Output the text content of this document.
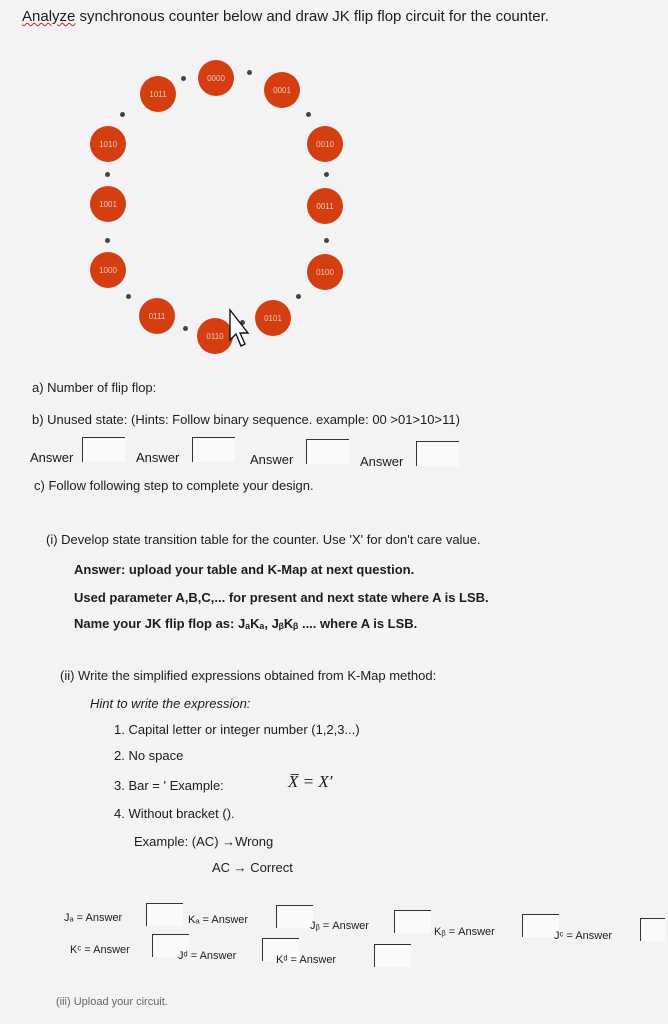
Analyze synchronous counter below and draw JK flip flop circuit for the counter.
0000
0001
0010
0011
0100
0101
0110
0111
1000
1001
1010
1011
a) Number of flip flop:
b) Unused state: (Hints: Follow binary sequence. example: 00 >01>10>11)
Answer	Answer	Answer	Answer
c) Follow following step to complete your design.
(i) Develop state transition table for the counter. Use 'X' for don't care value.
Answer: upload your table and K-Map at next question.
Used parameter A,B,C,... for present and next state where A is LSB.
Name your JK flip flop as: JₐKₐ, JᵦKᵦ .... where A is LSB.
(ii) Write the simplified expressions obtained from K-Map method:
Hint to write the expression:
1. Capital letter or integer number (1,2,3...)
2. No space
3. Bar = ' Example:	X̅ = X′
4. Without bracket ().
Example: (AC) →Wrong
AC → Correct
Jₐ = Answer	Kₐ = Answer	Jᵦ = Answer	Kᵦ = Answer	Jᶜ = Answer
Kᶜ = Answer	Jᵈ = Answer	Kᵈ = Answer
(iii) Upload your circuit.
